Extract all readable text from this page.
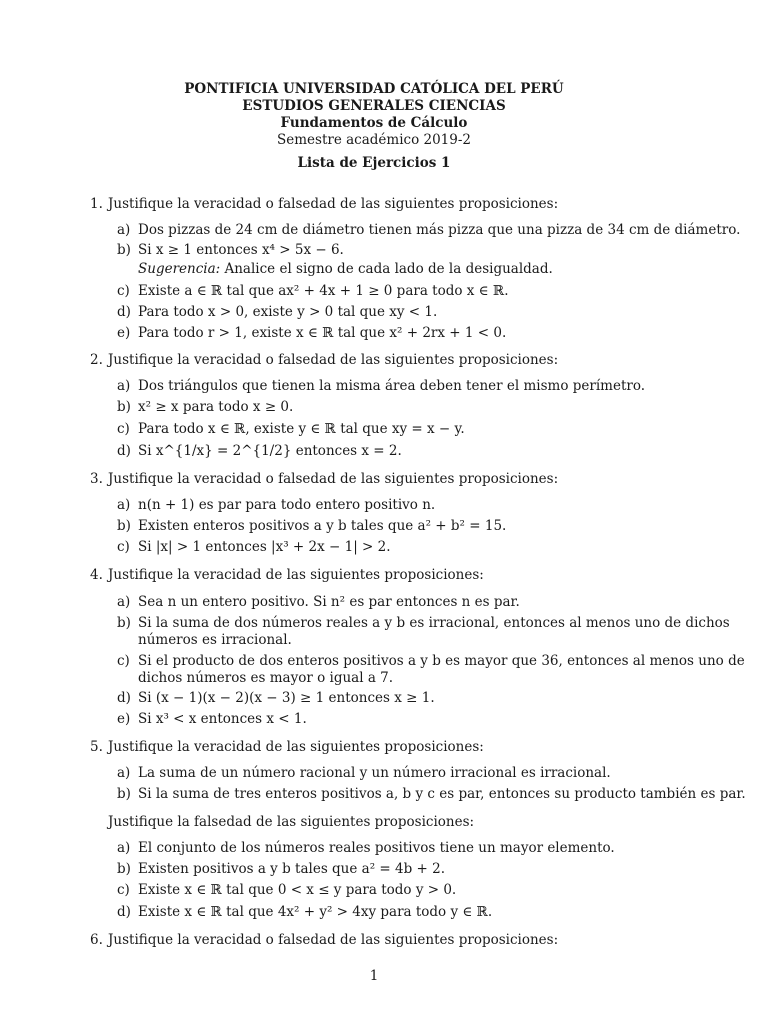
PONTIFICIA UNIVERSIDAD CATÓLICA DEL PERÚ
ESTUDIOS GENERALES CIENCIAS
Fundamentos de Cálculo
Semestre académico 2019-2
Lista de Ejercicios 1
1. Justifique la veracidad o falsedad de las siguientes proposiciones:
a) Dos pizzas de 24 cm de diámetro tienen más pizza que una pizza de 34 cm de diámetro.
b) Si x ≥ 1 entonces x⁴ > 5x − 6.
Sugerencia: Analice el signo de cada lado de la desigualdad.
c) Existe a ∈ ℝ tal que ax² + 4x + 1 ≥ 0 para todo x ∈ ℝ.
d) Para todo x > 0, existe y > 0 tal que xy < 1.
e) Para todo r > 1, existe x ∈ ℝ tal que x² + 2rx + 1 < 0.
2. Justifique la veracidad o falsedad de las siguientes proposiciones:
a) Dos triángulos que tienen la misma área deben tener el mismo perímetro.
b) x² ≥ x para todo x ≥ 0.
c) Para todo x ∈ ℝ, existe y ∈ ℝ tal que xy = x − y.
d) Si x^{1/x} = 2^{1/2} entonces x = 2.
3. Justifique la veracidad o falsedad de las siguientes proposiciones:
a) n(n + 1) es par para todo entero positivo n.
b) Existen enteros positivos a y b tales que a² + b² = 15.
c) Si |x| > 1 entonces |x³ + 2x − 1| > 2.
4. Justifique la veracidad de las siguientes proposiciones:
a) Sea n un entero positivo. Si n² es par entonces n es par.
b) Si la suma de dos números reales a y b es irracional, entonces al menos uno de dichos
números es irracional.
c) Si el producto de dos enteros positivos a y b es mayor que 36, entonces al menos uno de
dichos números es mayor o igual a 7.
d) Si (x − 1)(x − 2)(x − 3) ≥ 1 entonces x ≥ 1.
e) Si x³ < x entonces x < 1.
5. Justifique la veracidad de las siguientes proposiciones:
a) La suma de un número racional y un número irracional es irracional.
b) Si la suma de tres enteros positivos a, b y c es par, entonces su producto también es par.
Justifique la falsedad de las siguientes proposiciones:
a) El conjunto de los números reales positivos tiene un mayor elemento.
b) Existen positivos a y b tales que a² = 4b + 2.
c) Existe x ∈ ℝ tal que 0 < x ≤ y para todo y > 0.
d) Existe x ∈ ℝ tal que 4x² + y² > 4xy para todo y ∈ ℝ.
6. Justifique la veracidad o falsedad de las siguientes proposiciones:
1
